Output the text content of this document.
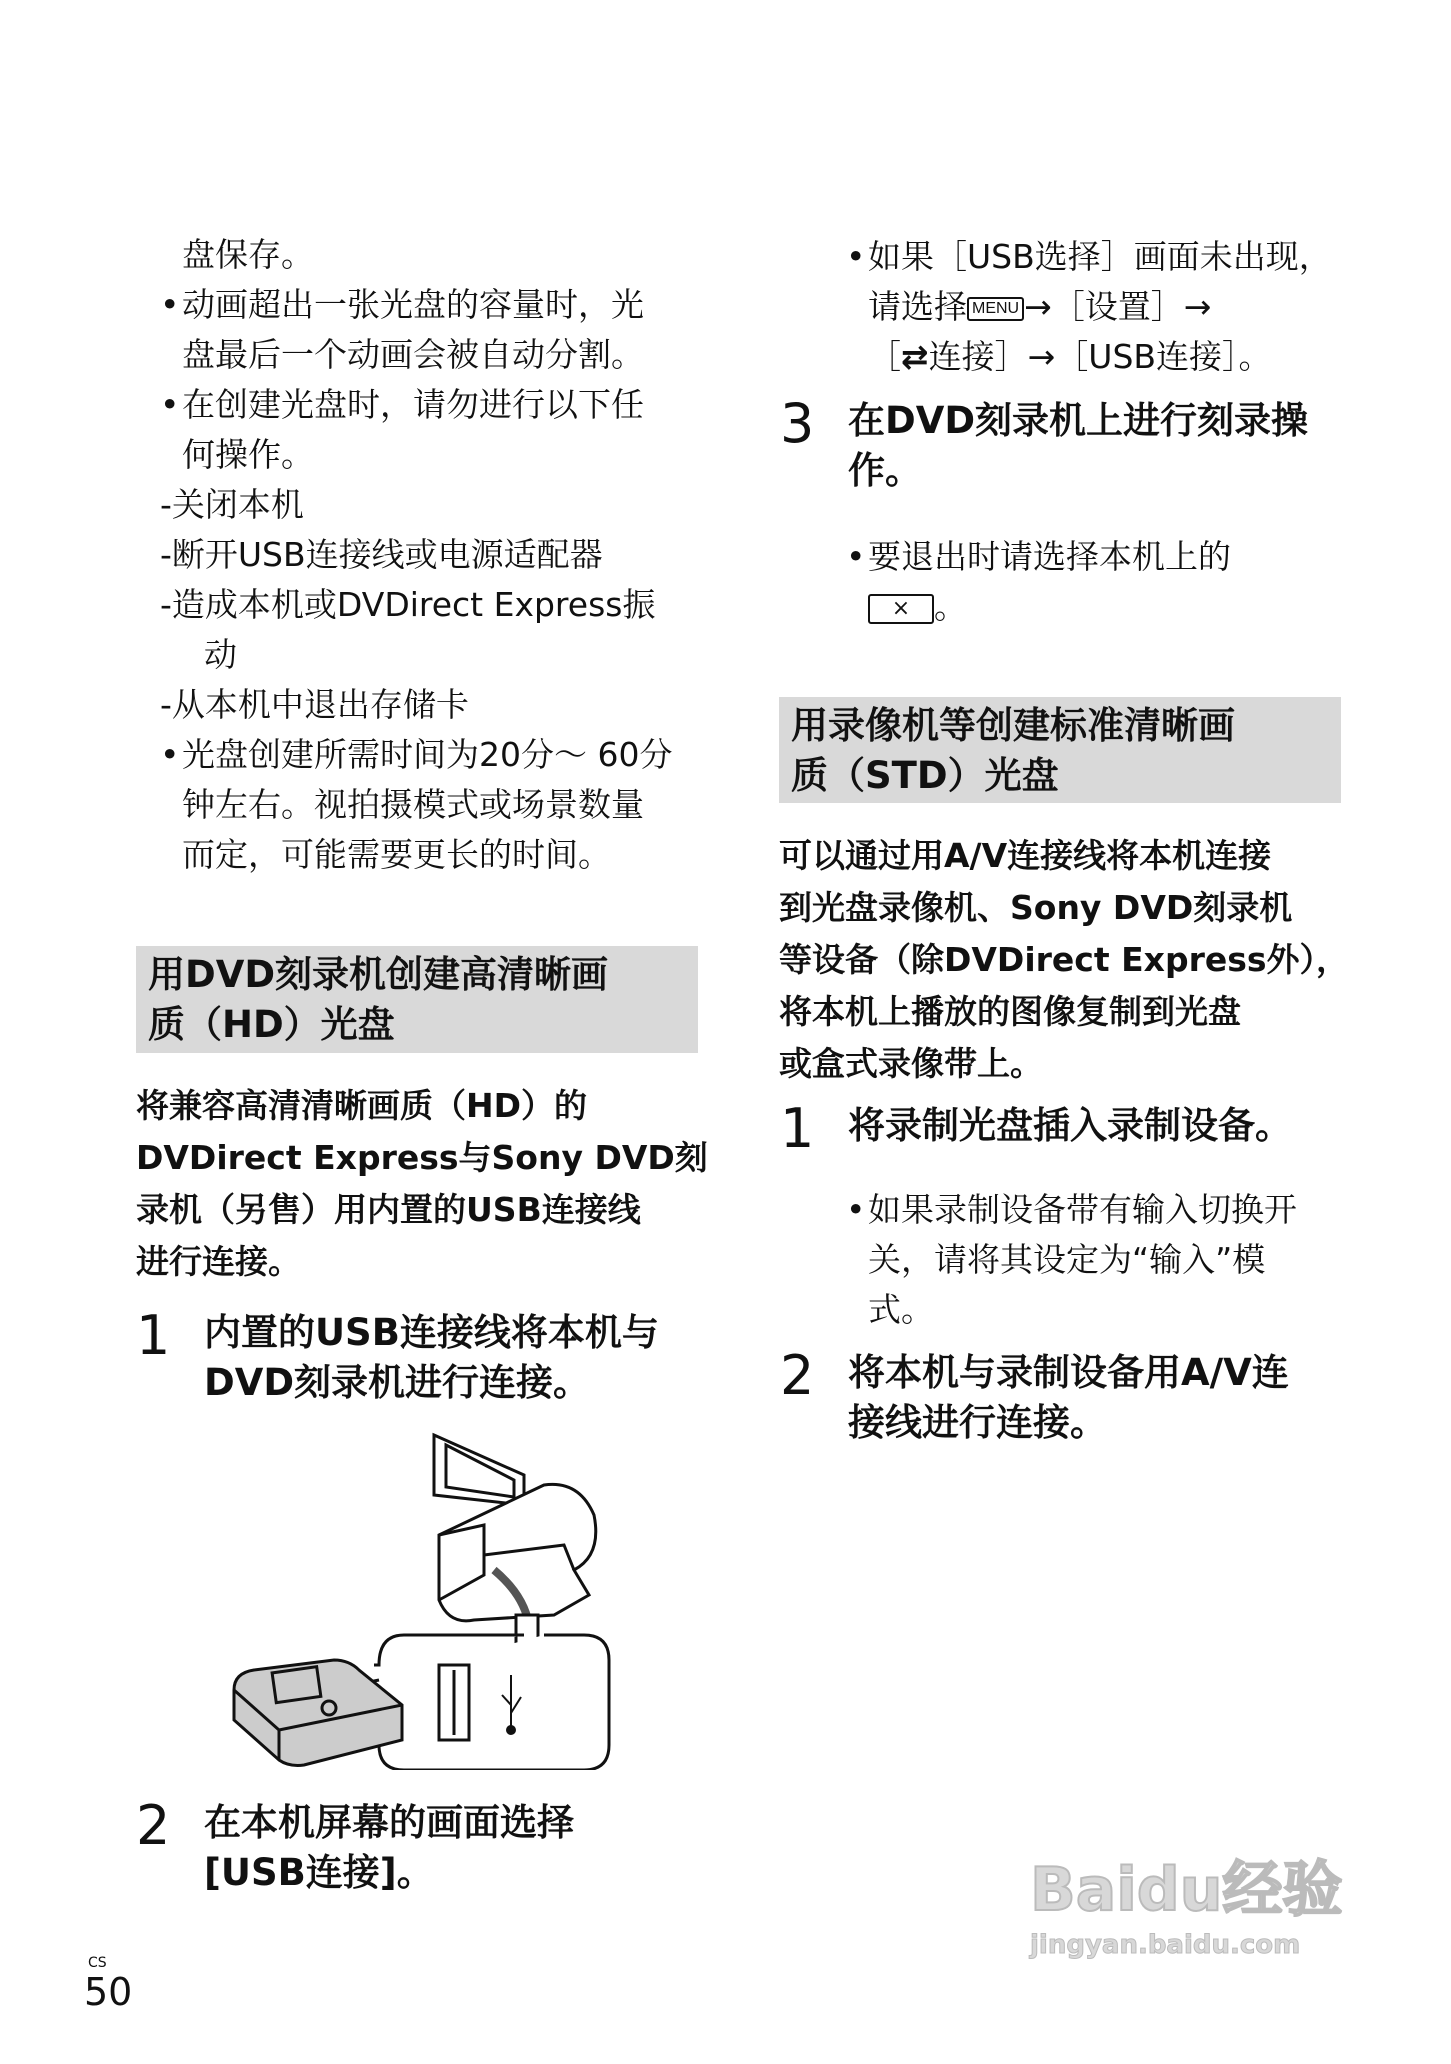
盘保存。
• 动画超出一张光盘的容量时，光
盘最后一个动画会被自动分割。
• 在创建光盘时，请勿进行以下任
何操作。
-关闭本机
-断开USB连接线或电源适配器
-造成本机或DVDirect Express振
动
-从本机中退出存储卡
• 光盘创建所需时间为20分～ 60分
钟左右。视拍摄模式或场景数量
而定，可能需要更长的时间。
用DVD刻录机创建高清晰画
质（HD）光盘
将兼容高清清晰画质（HD）的
DVDirect Express与Sony DVD刻
录机（另售）用内置的USB连接线
进行连接。
1 内置的USB连接线将本机与
DVD刻录机进行连接。
2 在本机屏幕的画面选择
[USB连接]。
• 如果［USB选择］画面未出现，
请选择 MENU →［设置］→
［⇄连接］→［USB连接］。
3 在DVD刻录机上进行刻录操
作。
• 要退出时请选择本机上的
× 。
用录像机等创建标准清晰画
质（STD）光盘
可以通过用A/V连接线将本机连接
到光盘录像机、Sony DVD刻录机
等设备（除DVDirect Express外），
将本机上播放的图像复制到光盘
或盒式录像带上。
1 将录制光盘插入录制设备。
• 如果录制设备带有输入切换开
关，请将其设定为“输入”模
式。
2 将本机与录制设备用A/V连
接线进行连接。
CS
50
Baidu经验
jingyan.baidu.com
